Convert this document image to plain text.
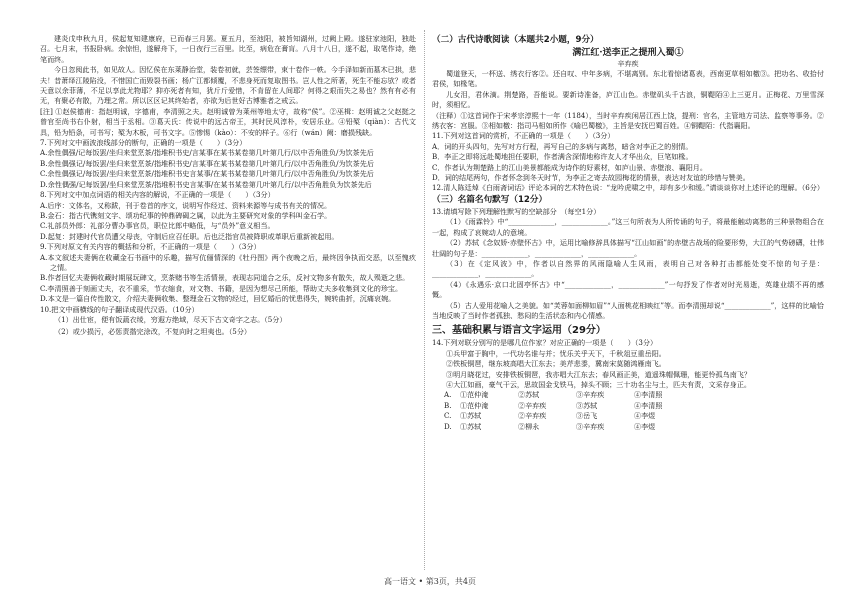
建炎戊申秋九月，侯起复知建康府，已而春三月罢。夏五月，至池阳，被旨知湖州，过阙上殿。遂驻家池阳，独赴召。七月末，书报卧病。余惊怛，遂解舟下，一日夜行三百里。比至，病危在膏肓。八月十八日，遂不起，取笔作诗，绝笔而终。
今日忽阅此书，如见故人。因忆侯在东莱静治堂，装卷初就，芸签缥带，束十卷作一帙。今手泽如新而墓木已拱，悲夫！昔萧绎江陵陷没，不惜国亡而毁裂书画；杨广江都倾覆，不悲身死而复取图书。岂人性之所著，死生不能忘欤？或者天意以余菲薄，不足以享此尤物耶？抑亦死者有知，犹斤斤爱惜，不肯留在人间耶？何得之艰而失之易也？然有有必有无，有聚必有散，乃理之常。所以区区记其终始者，亦欲为后世好古博雅者之戒云。
[注] ①赵侯德甫：指赵明诚，字德甫，李清照之夫。赵明诚曾为莱州等地太守，故称“侯”。②巫楫：赵明诚之父赵挺之曾官至尚书右仆射，相当于丞相。③葛天氏：传说中的远古帝王，其时民风淳朴，安居乐业。④铅椠（qiàn）：古代文具，铅为铅条，可书写；椠为木板，可书文字。⑤惨惕（kào）：不安的样子。⑥行（wán）阙：磨损残缺。
7.下列对文中画波浪线部分的断句，正确的一项是（　　）（3分）
A.余性偶强/记每饭罢/坐归来堂烹茶/指堆积书史/言某事在某书某卷第几叶第几行/以中否角胜负/为饮茶先后
B.余性偶强记/每饭罢/坐归来堂烹茶/指堆积书史/言某事在某书某卷第几叶第几行/以中否角胜负/为饮茶先后
C.余性偶强记/每饭罢/坐归来堂烹茶/指堆积书史言某事/在某书某卷第几叶第几行/以中否角胜负/为饮茶先后
D.余性偶强/记每饭罢/坐归来堂烹茶/指堆积书史言某事/在某书某卷第几叶第几行/以中否角胜负为饮茶先后
8.下列对文中加点词语的相关内容的解说，不正确的一项是（　　）（3分）
A.后序：文体名，又称跋，刊于卷首的序文，说明写作经过、资料来源等与成书有关的情况。
B.金石：指古代镌刻文字、颂功纪事的钟鼎碑碣之属，以此为主要研究对象的学科叫金石学。
C.礼部员外郎：礼部分曹办事官员，职位比郎中略低，与“员外”意义相当。
D.起复：封建时代官员遭父母丧，守制后应召任职。后也泛指官员被降职或革职后重新被起用。
9.下列对原文有关内容的概括和分析，不正确的一项是（　　）（3分）
A.本文叙述夫妻俩在收藏金石书画中的乐趣，描写伉俪情深的《牡丹图》两个夜晚之后，最终因争执而交恶，以至愧疚之情。
B.作者回忆夫妻俩收藏时期展玩碑文，烹茶赌书等生活情景，表现志同道合之乐，反衬文物多有散失，故人殒逝之悲。
C.李清照善于刻画丈夫，衣不重采，节衣缩食，对文物、书籍，是因为想尽己所能，帮助丈夫多收集到文化的珍宝。
D.本文是一篇自传性散文，介绍夫妻俩收集、整理金石文物的经过，回忆婚后的忧患得失，婉转曲折，沉痛哀婉。
10.把文中画横线的句子翻译成现代汉语。（10分）
（1）出仕宦，便有饭蔬衣绫，穷遐方绝域，尽天下古文奇字之志。（5分）
（2）或少损污，必惩责揩完涂改，不复向时之坦夷也。（5分）
（二）古代诗歌阅读（本题共2小题，9分）
满江红·送李正之提刑入蜀①
辛弃疾
蜀道登天，一杯送、绣衣行客②。还自叹、中年多病，不堪离别。东北看惊诸葛表，西南更草相如檄③。把功名、收拾付君侯，如椽笔。
儿女泪，君休滴。荆楚路，吾能说。要新诗准备，庐江山色。赤壁矶头千古浪，铜鞮陌④上三更月。正梅花、万里雪深时，须相忆。
（注释）①这首词作于宋孝宗淳熙十一年（1184），当时辛弃疾闲居江西上饶，提刑：官名，主管地方司法、监察等事务。②绣衣客：宫服。③相如檄：指司马相如所作《喻巴蜀檄》，主旨是安抚巴蜀百姓。④铜鞮陌：代指襄阳。
11.下列对这首词的赏析，不正确的一项是（　　）（3分）
A．词的开头四句，先写对方行程，再写自己的多病与离愁，暗含对李正之的别情。
B．李正之即将远赴蜀地担任要职，作者满含深情地称许友人才华出众，巨笔如椽。
C．作者认为荆楚路上的江山美景都能成为诗作的好素材，如庐山景、赤壁浪、襄阳月。
D．词的结尾两句，作者怀念到冬天时节，为李正之寄去故园梅花的情景，表达对友谊的珍惜与赞美。
12.清人陈廷焯《白雨斋词话》评论本词的艺术特色说：“龙吟虎啸之中，却有多少和缓。”请谈谈你对上述评论的理解。（6分）
（三）名篇名句默写（12分）
13.请填写除下列理解性默写的空缺部分　（每空1分）
（1）《雨霖铃》中“_____________，_____________。”这三句所表为人所传诵的句子，将最能触动离愁的三种景物组合在一起，构成了哀婉动人的意境。
（2）苏轼《念奴娇·赤壁怀古》中，运用比喻修辞具体描写“江山如画”的赤壁古战场的险要形势，大江的气势磅礴，壮伟壮阔的句子是：_____________，_____________，_____________。
（3）在《定风波》中，作者以自然界的风雨隐喻人生风雨，表明自己对各种打击都能处变不惊的句子是：_____________，_____________。
（4）《永遇乐·京口北固亭怀古》中“_____________，_____________”一句抒发了作者对时光易逝，英雄业绩不再的感慨。
（5）古人爱用花喻人之美貌。如“芙蓉如面柳如眉”“人面桃花相映红”等。而李清照却说“_____________”，这样的比喻恰当地反映了当时作者孤独、愁闷的生活状态和内心情感。
三、基础积累与语言文字运用（29分）
14.下列对联分别写的是哪几位作家？对应正确的一项是（　　）（3分）
①兵甲富于胸中，一代功名谁与并；忧乐关乎天下，千秋俎豆重岳阳。
②铁板铜琶，继东坡高唱大江东去；美芹悲黍，冀南宋莫随鸿雁南飞。
③明月晓花过，安排铁板铜琶，我亦唱大江东去；春风画正美，道遥珠帽佩珊，能更怜孤鸟南飞？
④大江如画，豪气干云，思故国金戈铁马，掉头不顾；三十功名尘与土，匹夫有责，文采存身正。
A.	①范仲淹	②苏轼	③辛弃疾	④李清照
B.	①范仲淹	②辛弃疾	③苏轼	④李清照
C.	①苏轼	②辛弃疾	③岳飞	④李煜
D.	①苏轼	②柳永	③辛弃疾	④李煜
高一语文 • 第3页，共4页
